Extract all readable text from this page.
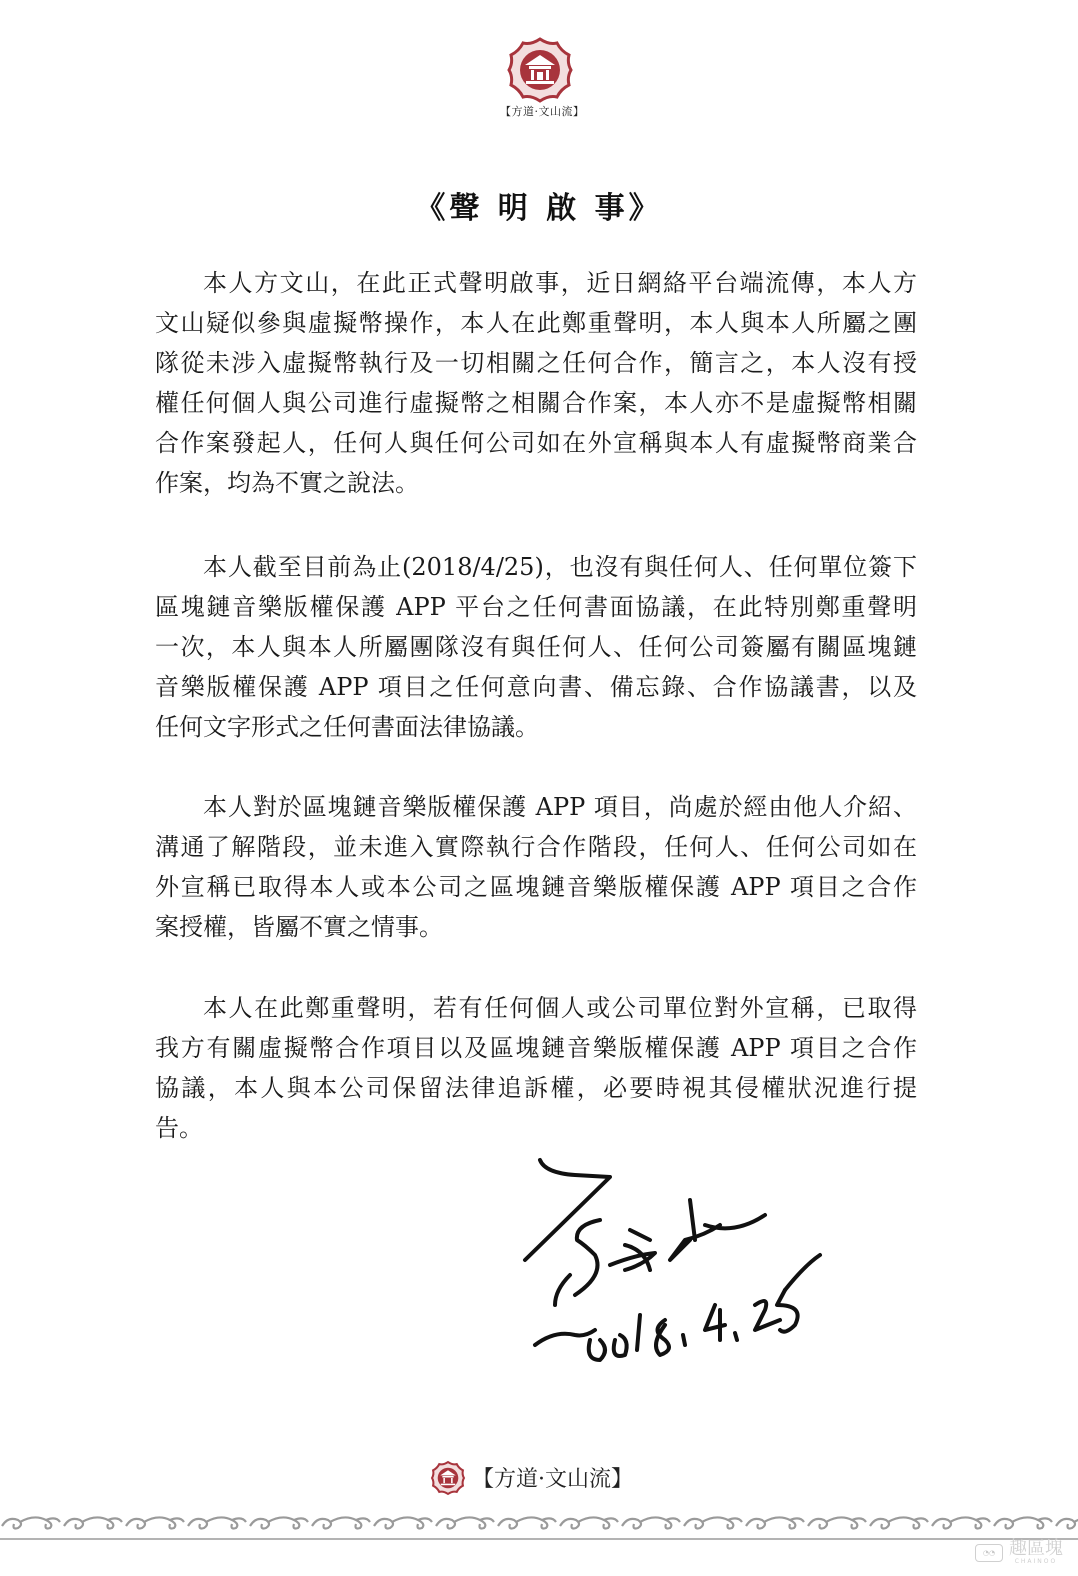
【方道·文山流】
《聲 明 啟 事》
本人方文山，在此正式聲明啟事，近日網絡平台端流傳，本人方
文山疑似參與虛擬幣操作，本人在此鄭重聲明，本人與本人所屬之團
隊從未涉入虛擬幣執行及一切相關之任何合作，簡言之，本人沒有授
權任何個人與公司進行虛擬幣之相關合作案，本人亦不是虛擬幣相關
合作案發起人，任何人與任何公司如在外宣稱與本人有虛擬幣商業合
作案，均為不實之說法。
本人截至目前為止(2018/4/25)，也沒有與任何人、任何單位簽下
區塊鏈音樂版權保護 APP 平台之任何書面協議，在此特別鄭重聲明
一次，本人與本人所屬團隊沒有與任何人、任何公司簽屬有關區塊鏈
音樂版權保護 APP 項目之任何意向書、備忘錄、合作協議書，以及
任何文字形式之任何書面法律協議。
本人對於區塊鏈音樂版權保護 APP 項目，尚處於經由他人介紹、
溝通了解階段，並未進入實際執行合作階段，任何人、任何公司如在
外宣稱已取得本人或本公司之區塊鏈音樂版權保護 APP 項目之合作
案授權，皆屬不實之情事。
本人在此鄭重聲明，若有任何個人或公司單位對外宣稱，已取得
我方有關虛擬幣合作項目以及區塊鏈音樂版權保護 APP 項目之合作
協議，本人與本公司保留法律追訴權，必要時視其侵權狀況進行提
告。
【方道·文山流】
◔◔ 趣區塊
CHAINOO
